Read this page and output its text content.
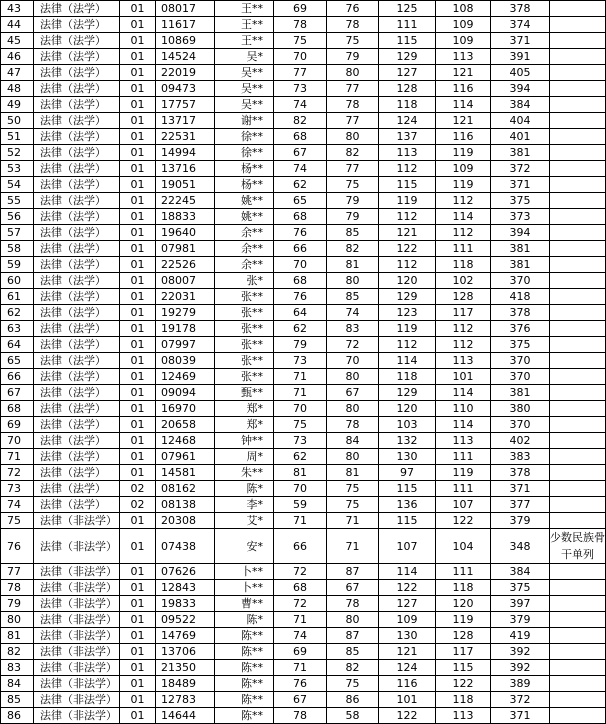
43	法律（法学）	01	08017	王**	69	76	125	108	378	
44	法律（法学）	01	11617	王**	78	78	111	109	374	
45	法律（法学）	01	10869	王**	75	75	115	109	371	
46	法律（法学）	01	14524	吴*	70	79	129	113	391	
47	法律（法学）	01	22019	吴**	77	80	127	121	405	
48	法律（法学）	01	09473	吴**	73	77	128	116	394	
49	法律（法学）	01	17757	吴**	74	78	118	114	384	
50	法律（法学）	01	13717	谢**	82	77	124	121	404	
51	法律（法学）	01	22531	徐**	68	80	137	116	401	
52	法律（法学）	01	14994	徐**	67	82	113	119	381	
53	法律（法学）	01	13716	杨**	74	77	112	109	372	
54	法律（法学）	01	19051	杨**	62	75	115	119	371	
55	法律（法学）	01	22245	姚**	65	79	119	112	375	
56	法律（法学）	01	18833	姚**	68	79	112	114	373	
57	法律（法学）	01	19640	余**	76	85	121	112	394	
58	法律（法学）	01	07981	余**	66	82	122	111	381	
59	法律（法学）	01	22526	余**	70	81	112	118	381	
60	法律（法学）	01	08007	张*	68	80	120	102	370	
61	法律（法学）	01	22031	张**	76	85	129	128	418	
62	法律（法学）	01	19279	张**	64	74	123	117	378	
63	法律（法学）	01	19178	张**	62	83	119	112	376	
64	法律（法学）	01	07997	张**	79	72	112	112	375	
65	法律（法学）	01	08039	张**	73	70	114	113	370	
66	法律（法学）	01	12469	张**	71	80	118	101	370	
67	法律（法学）	01	09094	甄**	71	67	129	114	381	
68	法律（法学）	01	16970	郑*	70	80	120	110	380	
69	法律（法学）	01	20658	郑*	75	78	103	114	370	
70	法律（法学）	01	12468	钟**	73	84	132	113	402	
71	法律（法学）	01	07961	周*	62	80	130	111	383	
72	法律（法学）	01	14581	朱**	81	81	97	119	378	
73	法律（法学）	02	08162	陈*	70	75	115	111	371	
74	法律（法学）	02	08138	李*	59	75	136	107	377	
75	法律（非法学）	01	20308	艾*	71	71	115	122	379	
76	法律（非法学）	01	07438	安*	66	71	107	104	348	少数民族骨干单列
77	法律（非法学）	01	07626	卜**	72	87	114	111	384	
78	法律（非法学）	01	12843	卜**	68	67	122	118	375	
79	法律（非法学）	01	19833	曹**	72	78	127	120	397	
80	法律（非法学）	01	09522	陈*	71	80	109	119	379	
81	法律（非法学）	01	14769	陈**	74	87	130	128	419	
82	法律（非法学）	01	13706	陈**	69	85	121	117	392	
83	法律（非法学）	01	21350	陈**	71	82	124	115	392	
84	法律（非法学）	01	18489	陈**	76	75	116	122	389	
85	法律（非法学）	01	12783	陈**	67	86	101	118	372	
86	法律（非法学）	01	14644	陈**	78	58	122	113	371	
